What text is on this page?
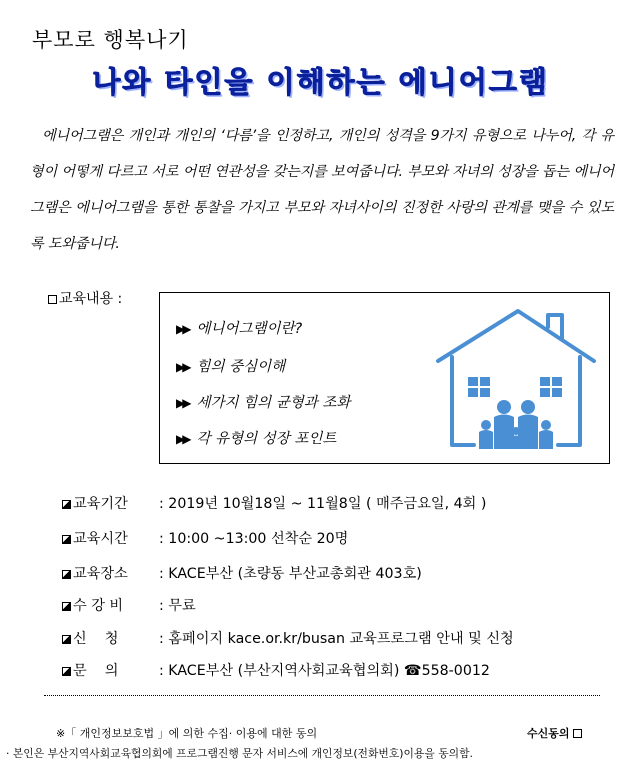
부모로 행복나기
나와 타인을 이해하는 에니어그램
에니어그램은 개인과 개인의 ‘다름’을 인정하고, 개인의 성격을 9가지 유형으로 나누어, 각 유형이 어떻게 다르고 서로 어떤 연관성을 갖는지를 보여줍니다. 부모와 자녀의 성장을 돕는 에니어그램은 에니어그램을 통한 통찰을 가지고 부모와 자녀사이의 진정한 사랑의 관계를 맺을 수 있도록 도와줍니다.
교육내용 :
▶▶ 에니어그램이란?
▶▶ 힘의 중심이해
▶▶ 세가지 힘의 균형과 조화
▶▶ 각 유형의 성장 포인트
교육기간 : 2019년 10월18일 ~ 11월8일 ( 매주금요일, 4회 )
교육시간 : 10:00 ~13:00 선착순 20명
교육장소 : KACE부산 (초량동 부산교총회관 403호)
수 강 비	: 무료
신    청	: 홈페이지 kace.or.kr/busan 교육프로그램 안내 및 신청
문    의	: KACE부산 (부산지역사회교육협의회) ☎558-0012
※「 개인정보보호법 」에 의한 수집· 이용에 대한 동의	수신동의
· 본인은 부산지역사회교육협의회에 프로그램진행 문자 서비스에 개인정보(전화번호)이용을 동의함.
